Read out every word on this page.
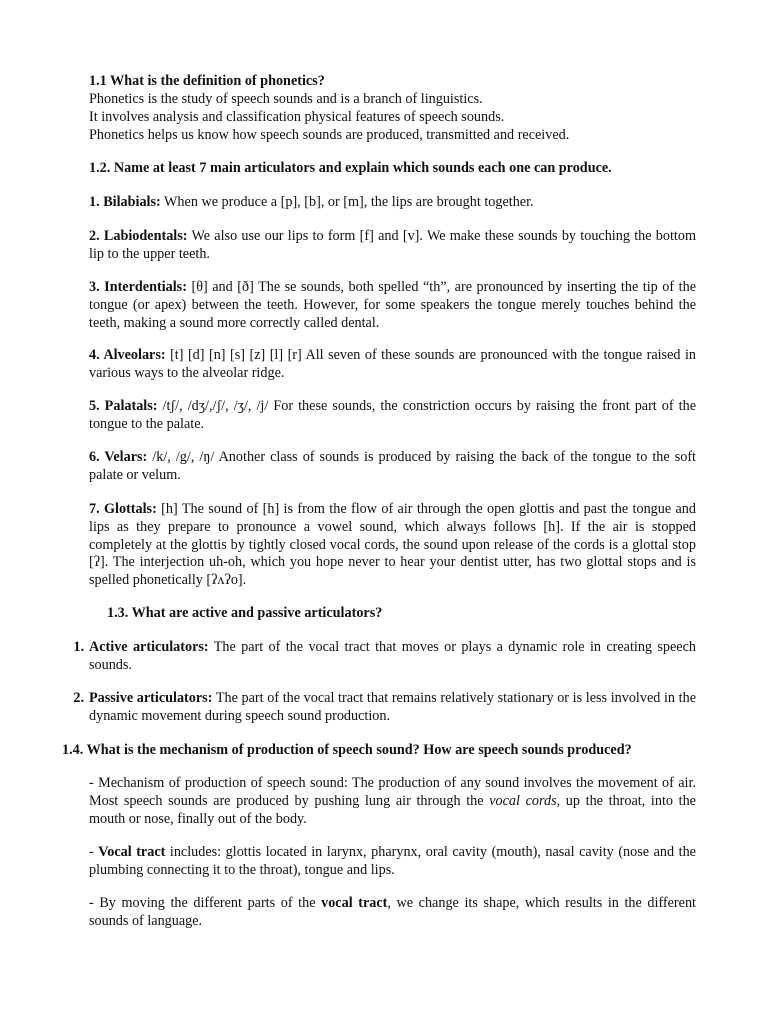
1.1 What is the definition of phonetics?

Phonetics is the study of speech sounds and is a branch of linguistics.
It involves analysis and classification physical features of speech sounds.
Phonetics helps us know how speech sounds are produced, transmitted and received.

1.2. Name at least 7 main articulators and explain which sounds each one can produce.

1. Bilabials: When we produce a [p], [b], or [m], the lips are brought together.

2. Labiodentals: We also use our lips to form [f] and [v]. We make these sounds by touching the bottom lip to the upper teeth.

3. Interdentials: [θ] and [ð] The se sounds, both spelled “th”, are pronounced by inserting the tip of the tongue (or apex) between the teeth. However, for some speakers the tongue merely touches behind the teeth, making a sound more correctly called dental.

4. Alveolars: [t] [d] [n] [s] [z] [l] [r] All seven of these sounds are pronounced with the tongue raised in various ways to the alveolar ridge.

5. Palatals: /tʃ/, /dʒ/,/ʃ/, /ʒ/, /j/ For these sounds, the constriction occurs by raising the front part of the tongue to the palate.

6. Velars: /k/, /g/, /ŋ/ Another class of sounds is produced by raising the back of the tongue to the soft palate or velum.

7. Glottals: [h] The sound of [h] is from the flow of air through the open glottis and past the tongue and lips as they prepare to pronounce a vowel sound, which always follows [h]. If the air is stopped completely at the glottis by tightly closed vocal cords, the sound upon release of the cords is a glottal stop [ʔ]. The interjection uh-oh, which you hope never to hear your dentist utter, has two glottal stops and is spelled phonetically [ʔʌʔo].

1.3. What are active and passive articulators?

1. Active articulators: The part of the vocal tract that moves or plays a dynamic role in creating speech sounds.

2. Passive articulators: The part of the vocal tract that remains relatively stationary or is less involved in the dynamic movement during speech sound production.

1.4. What is the mechanism of production of speech sound? How are speech sounds produced?

- Mechanism of production of speech sound: The production of any sound involves the movement of air. Most speech sounds are produced by pushing lung air through the vocal cords, up the throat, into the mouth or nose, finally out of the body.

- Vocal tract includes: glottis located in larynx, pharynx, oral cavity (mouth), nasal cavity (nose and the plumbing connecting it to the throat), tongue and lips.

- By moving the different parts of the vocal tract, we change its shape, which results in the different sounds of language.
